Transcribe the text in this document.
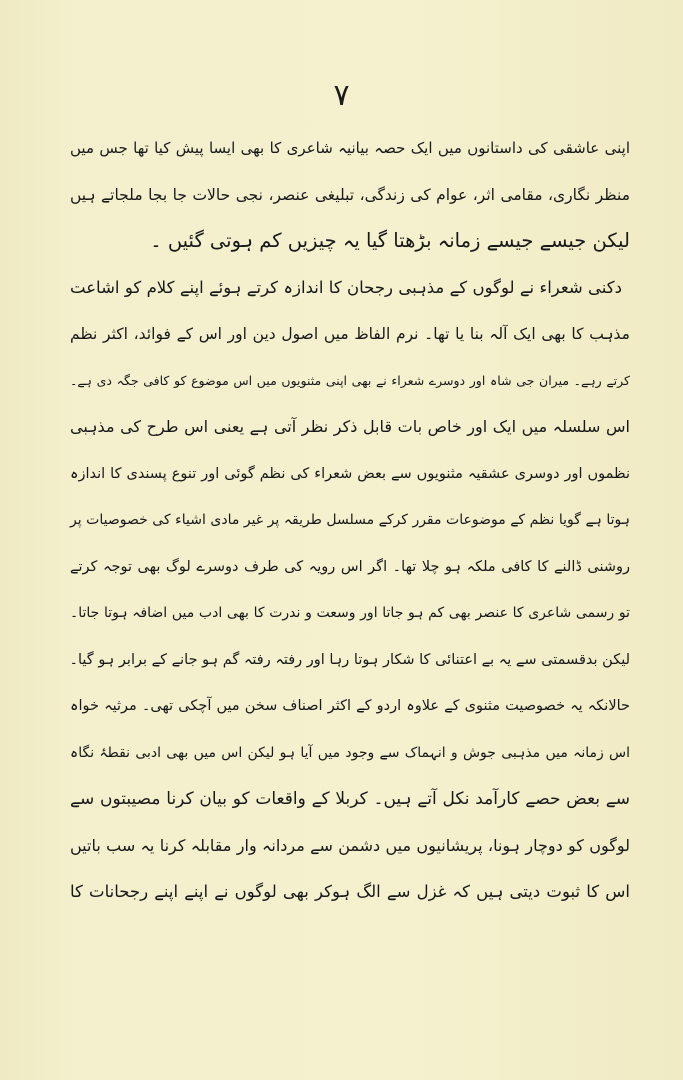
۷
اپنی عاشقی کی داستانوں میں ایک حصہ بیانیہ شاعری کا بھی ایسا پیش کیا تھا جس میں
منظر نگاری، مقامی اثر، عوام کی زندگی، تبلیغی عنصر، نجی حالات جا بجا ملجاتے ہیں
لیکن جیسے جیسے زمانہ بڑھتا گیا یہ چیزیں کم ہوتی گئیں ۔
دکنی شعراء نے لوگوں کے مذہبی رجحان کا اندازہ کرتے ہوئے اپنے کلام کو اشاعت
مذہب کا بھی ایک آلہ بنا یا تھا۔ نرم الفاظ میں اصول دین اور اس کے فوائد، اکثر نظم
کرتے رہے۔ میران جی شاہ اور دوسرے شعراء نے بھی اپنی مثنویوں میں اس موضوع کو کافی جگہ دی ہے۔
اس سلسلہ میں ایک اور خاص بات قابل ذکر نظر آتی ہے یعنی اس طرح کی مذہبی
نظموں اور دوسری عشقیہ مثنویوں سے بعض شعراء کی نظم گوئی اور تنوع پسندی کا اندازہ
ہوتا ہے گویا نظم کے موضوعات مقرر کرکے مسلسل طریقہ پر غیر مادی اشیاء کی خصوصیات پر
روشنی ڈالنے کا کافی ملکہ ہو چلا تھا۔ اگر اس رویہ کی طرف دوسرے لوگ بھی توجہ کرتے
تو رسمی شاعری کا عنصر بھی کم ہو جاتا اور وسعت و ندرت کا بھی ادب میں اضافہ ہوتا جاتا۔
لیکن بدقسمتی سے یہ بے اعتنائی کا شکار ہوتا رہا اور رفتہ رفتہ گم ہو جانے کے برابر ہو گیا۔
حالانکہ یہ خصوصیت مثنوی کے علاوہ اردو کے اکثر اصناف سخن میں آچکی تھی۔ مرثیہ خواہ
اس زمانہ میں مذہبی جوش و انہماک سے وجود میں آیا ہو لیکن اس میں بھی ادبی نقطۂ نگاہ
سے بعض حصے کارآمد نکل آتے ہیں۔ کربلا کے واقعات کو بیان کرنا مصیبتوں سے
لوگوں کو دوچار ہونا، پریشانیوں میں دشمن سے مردانہ وار مقابلہ کرنا یہ سب باتیں
اس کا ثبوت دیتی ہیں کہ غزل سے الگ ہوکر بھی لوگوں نے اپنے اپنے رجحانات کا
